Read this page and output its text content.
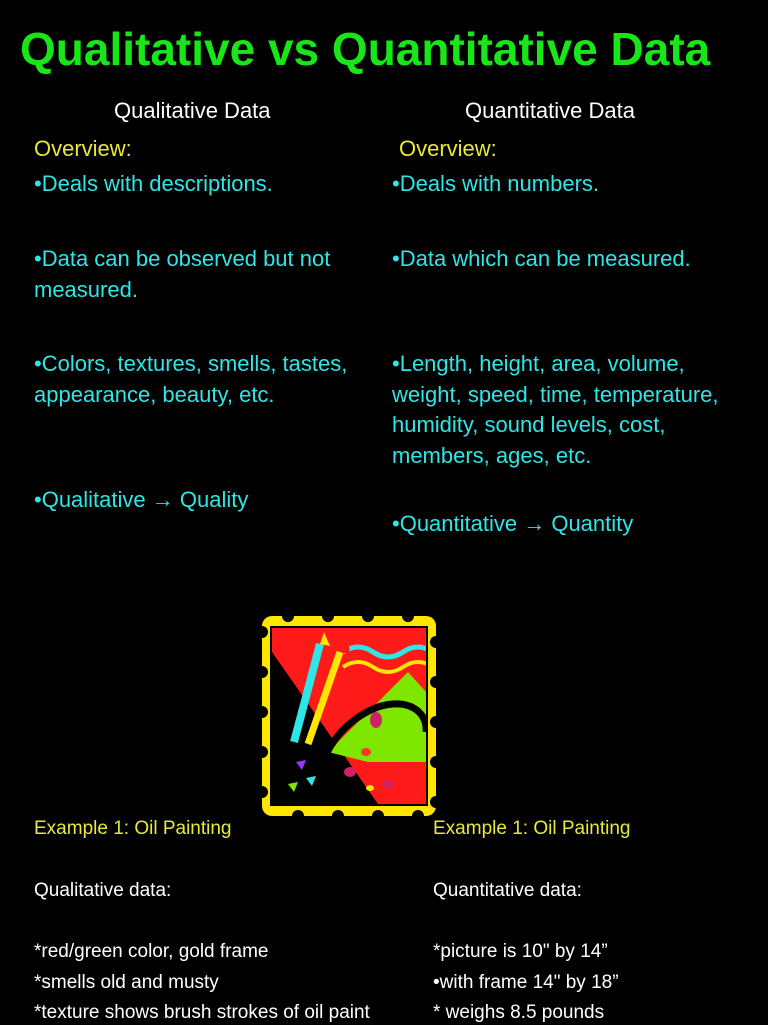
Qualitative vs Quantitative Data
Qualitative Data
Overview:
•Deals with descriptions.
•Data can be observed but not measured.
•Colors, textures, smells, tastes, appearance, beauty, etc.
•Qualitative → Quality
Quantitative Data
Overview:
•Deals with numbers.
•Data which can be measured.
•Length, height, area, volume, weight, speed, time, temperature, humidity, sound levels, cost, members, ages, etc.
•Quantitative → Quantity
Example 1: Oil Painting
Qualitative data:
*red/green color, gold frame
*smells old and musty
*texture shows brush strokes of oil paint
Example 1: Oil Painting
Quantitative data:
*picture is 10" by 14”
•with frame 14" by 18”
* weighs 8.5 pounds
